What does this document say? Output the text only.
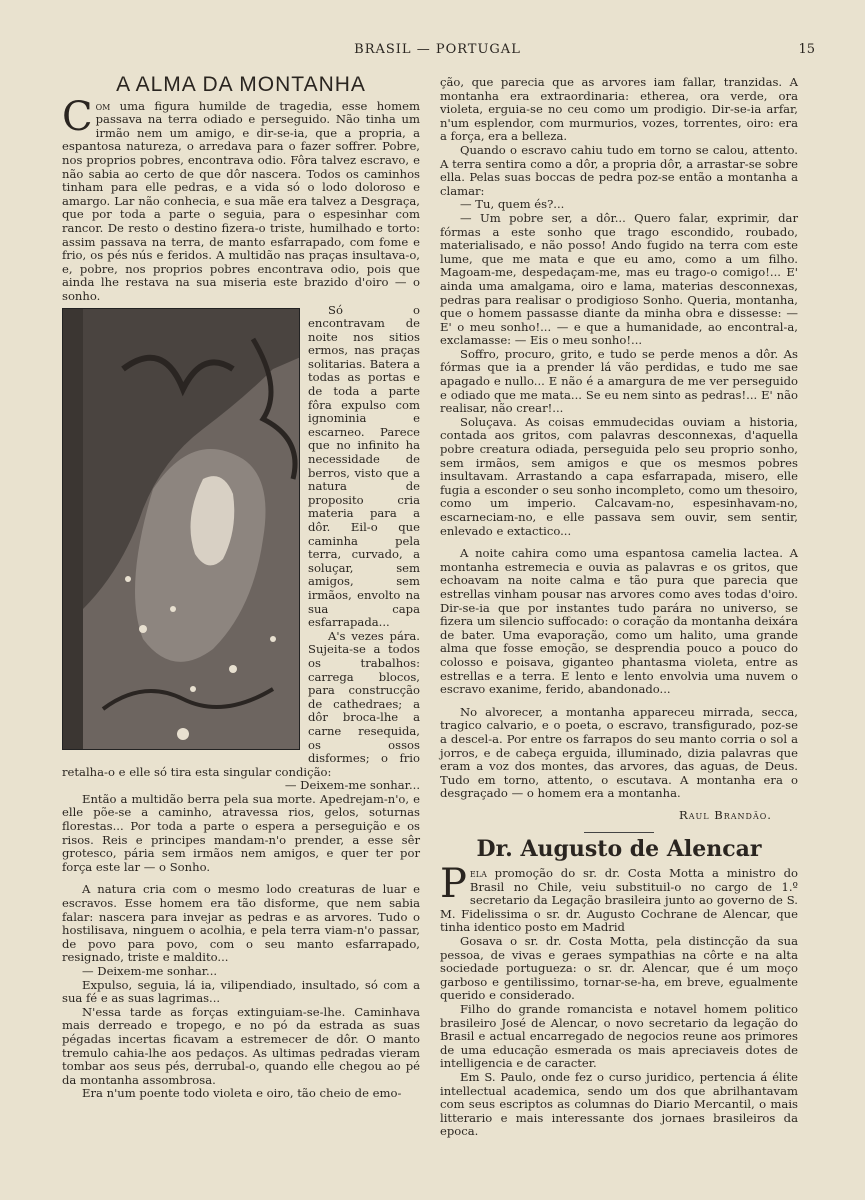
BRASIL — PORTUGAL	15
A ALMA DA MONTANHA

Com uma figura humilde de tragedia, esse homem passava na terra odiado e perseguido. Não tinha um irmão nem um amigo, e dir-se-ia, que a propria, a espantosa natureza, o arredava para o fazer soffrer. Pobre, nos proprios pobres, encontrava odio. Fôra talvez escravo, e não sabia ao certo de que dôr nascera. Todos os caminhos tinham para elle pedras, e a vida só o lodo doloroso e amargo. Lar não conhecia, e sua mãe era talvez a Desgraça, que por toda a parte o seguia, para o espesinhar com rancor. De resto o destino fizera-o triste, humilhado e torto: assim passava na terra, de manto esfarrapado, com fome e frio, os pés nús e feridos. A multidão nas praças insultava-o, e, pobre, nos proprios pobres encontrava odio, pois que ainda lhe restava na sua miseria este brazido d'oiro — o sonho.

Só o encontravam de noite nos sitios ermos, nas praças solitarias. Batera a todas as portas e de toda a parte fôra expulso com ignominia e escarneo. Parece que no infinito ha necessidade de berros, visto que a natura de proposito cria materia para a dôr. Eil-o que caminha pela terra, curvado, a soluçar, sem amigos, sem irmãos, envolto na sua capa esfarrapada...

A's vezes pára. Sujeita-se a todos os trabalhos: carrega blocos, para construcção de cathedraes; a dôr broca-lhe a carne resequida, os ossos disformes; o frio retalha-o e elle só tira esta singular condição:

— Deixem-me sonhar...

Então a multidão berra pela sua morte. Apedrejam-n'o, e elle põe-se a caminho, atravessa rios, gelos, soturnas florestas... Por toda a parte o espera a perseguição e os risos. Reis e principes mandam-n'o prender, a esse sêr grotesco, pária sem irmãos nem amigos, e quer ter por força este lar — o Sonho.

A natura cria com o mesmo lodo creaturas de luar e escravos. Esse homem era tão disforme, que nem sabia falar: nascera para invejar as pedras e as arvores. Tudo o hostilisava, ninguem o acolhia, e pela terra viam-n'o passar, de povo para povo, com o seu manto esfarrapado, resignado, triste e maldito...

— Deixem-me sonhar...

Expulso, seguia, lá ia, vilipendiado, insultado, só com a sua fé e as suas lagrimas...

N'essa tarde as forças extinguiam-se-lhe. Caminhava mais derreado e tropego, e no pó da estrada as suas pégadas incertas ficavam a estremecer de dôr. O manto tremulo cahia-lhe aos pedaços. As ultimas pedradas vieram tombar aos seus pés, derrubal-o, quando elle chegou ao pé da montanha assombrosa.

Era n'um poente todo violeta e oiro, tão cheio de emo-

ção, que parecia que as arvores iam fallar, tranzidas. A montanha era extraordinaria: etherea, ora verde, ora violeta, erguia-se no ceu como um prodigio. Dir-se-ia arfar, n'um esplendor, com murmurios, vozes, torrentes, oiro: era a força, era a belleza.

Quando o escravo cahiu tudo em torno se calou, attento. A terra sentira como a dôr, a propria dôr, a arrastar-se sobre ella. Pelas suas boccas de pedra poz-se então a montanha a clamar:

— Tu, quem és?...

— Um pobre ser, a dôr... Quero falar, exprimir, dar fórmas a este sonho que trago escondido, roubado, materialisado, e não posso! Ando fugido na terra com este lume, que me mata e que eu amo, como a um filho. Magoam-me, despedaçam-me, mas eu trago-o comigo!... E' ainda uma amalgama, oiro e lama, materias desconnexas, pedras para realisar o prodigioso Sonho. Queria, montanha, que o homem passasse diante da minha obra e dissesse: — E' o meu sonho!... — e que a humanidade, ao encontral-a, exclamasse: — Eis o meu sonho!...

Soffro, procuro, grito, e tudo se perde menos a dôr. As fórmas que ia a prender lá vão perdidas, e tudo me sae apagado e nullo... E não é a amargura de me ver perseguido e odiado que me mata... Se eu nem sinto as pedras!... E' não realisar, não crear!...

Soluçava. As coisas emmudecidas ouviam a historia, contada aos gritos, com palavras desconnexas, d'aquella pobre creatura odiada, perseguida pelo seu proprio sonho, sem irmãos, sem amigos e que os mesmos pobres insultavam. Arrastando a capa esfarrapada, misero, elle fugia a esconder o seu sonho incompleto, como um thesoiro, como um imperio. Calcavam-no, espesinhavam-no, escarneciam-no, e elle passava sem ouvir, sem sentir, enlevado e extactico...

A noite cahira como uma espantosa camelia lactea. A montanha estremecia e ouvia as palavras e os gritos, que echoavam na noite calma e tão pura que parecia que estrellas vinham pousar nas arvores como aves todas d'oiro. Dir-se-ia que por instantes tudo parára no universo, se fizera um silencio suffocado: o coração da montanha deixára de bater. Uma evaporação, como um halito, uma grande alma que fosse emoção, se desprendia pouco a pouco do colosso e poisava, giganteo phantasma violeta, entre as estrellas e a terra. E lento e lento envolvia uma nuvem o escravo exanime, ferido, abandonado...

No alvorecer, a montanha appareceu mirrada, secca, tragico calvario, e o poeta, o escravo, transfigurado, poz-se a descel-a. Por entre os farrapos do seu manto corria o sol a jorros, e de cabeça erguida, illuminado, dizia palavras que eram a voz dos montes, das arvores, das aguas, de Deus. Tudo em torno, attento, o escutava. A montanha era o desgraçado — o homem era a montanha.

Raul Brandão.
Dr. Augusto de Alencar

Pela promoção do sr. dr. Costa Motta a ministro do Brasil no Chile, veiu substituil-o no cargo de 1.º secretario da Legação brasileira junto ao governo de S. M. Fidelissima o sr. dr. Augusto Cochrane de Alencar, que tinha identico posto em Madrid

Gosava o sr. dr. Costa Motta, pela distincção da sua pessoa, de vivas e geraes sympathias na côrte e na alta sociedade portugueza: o sr. dr. Alencar, que é um moço garboso e gentilissimo, tornar-se-ha, em breve, egualmente querido e considerado.

Filho do grande romancista e notavel homem politico brasileiro José de Alencar, o novo secretario da legação do Brasil e actual encarregado de negocios reune aos primores de uma educação esmerada os mais apreciaveis dotes de intelligencia e de caracter.

Em S. Paulo, onde fez o curso juridico, pertencia á élite intellectual academica, sendo um dos que abrilhantavam com seus escriptos as columnas do Diario Mercantil, o mais litterario e mais interessante dos jornaes brasileiros da epoca.
